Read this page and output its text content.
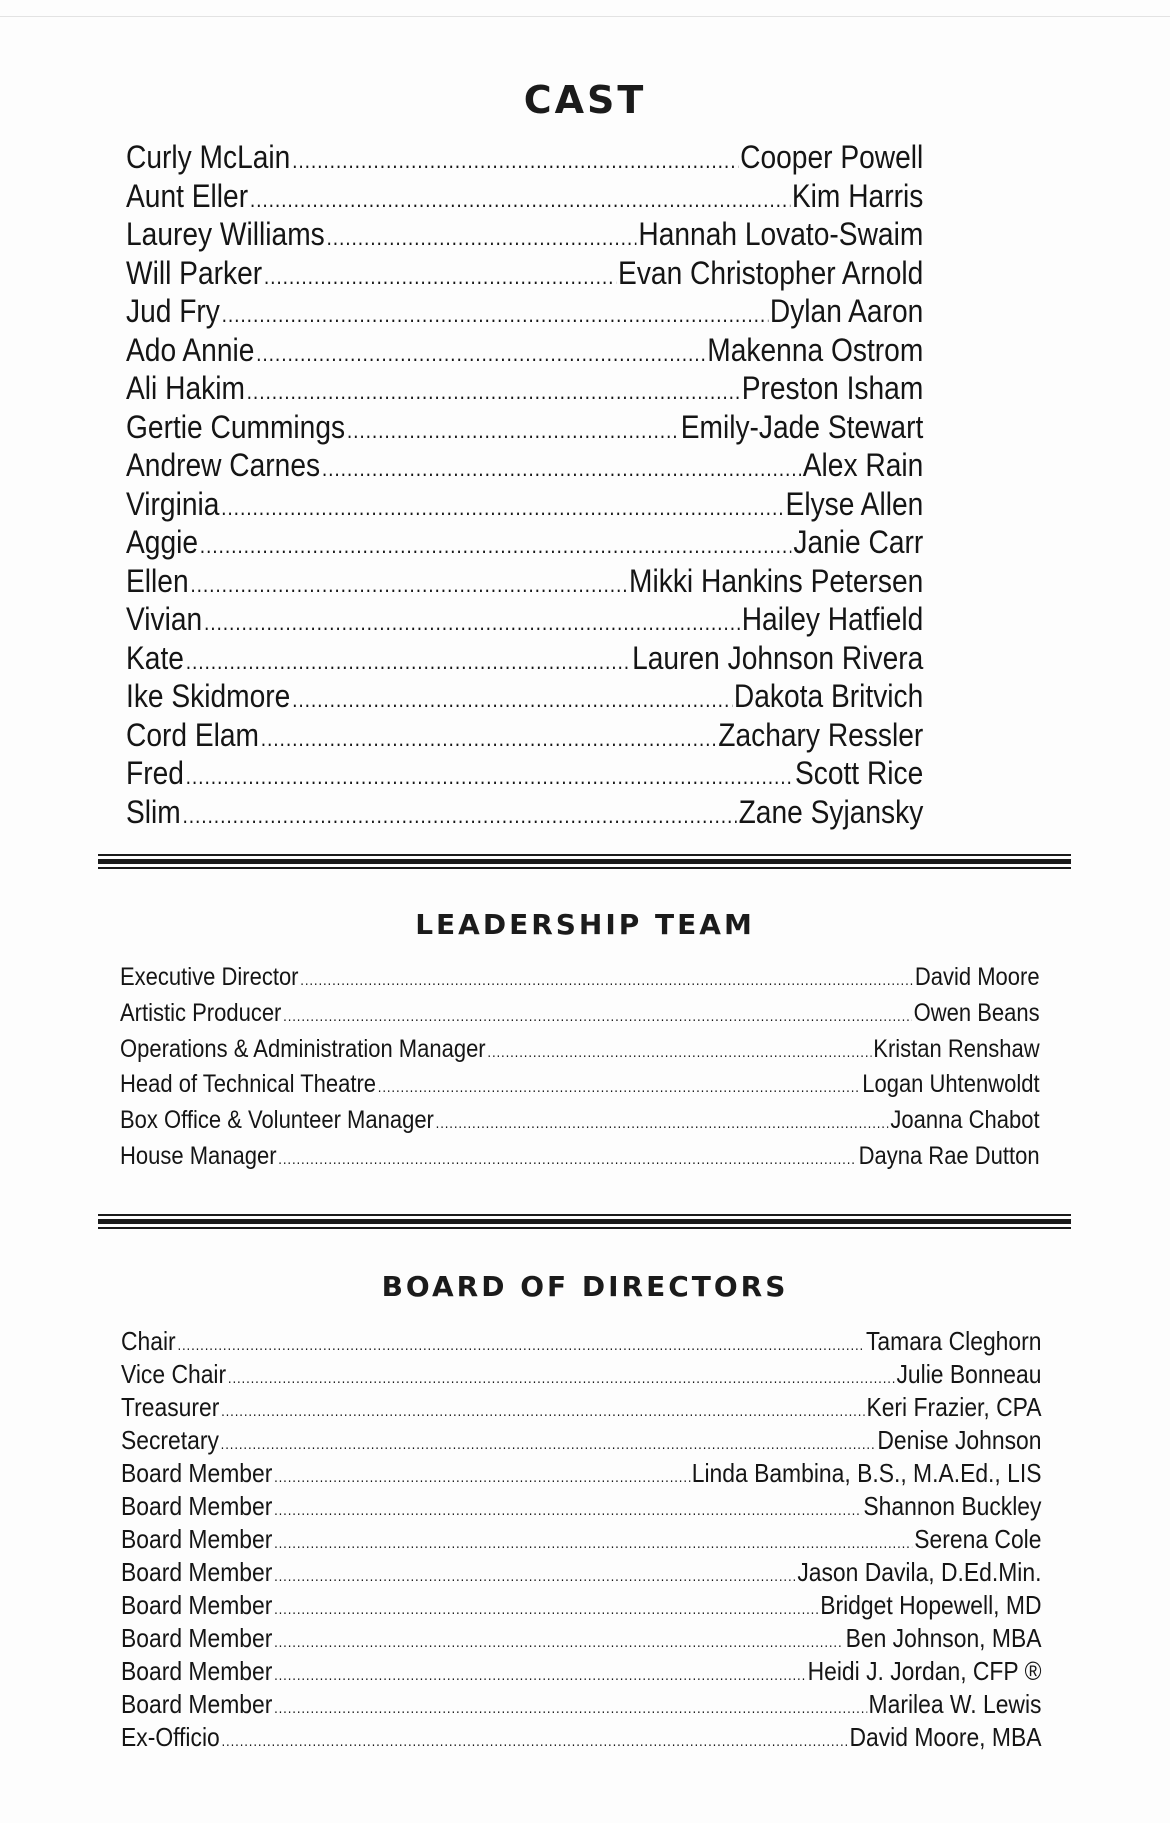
CAST
Curly McLain .....	Cooper Powell
Aunt Eller .....	Kim Harris
Laurey Williams .....	Hannah Lovato-Swaim
Will Parker .....	Evan Christopher Arnold
Jud Fry .....	Dylan Aaron
Ado Annie .....	Makenna Ostrom
Ali Hakim .....	Preston Isham
Gertie Cummings .....	Emily-Jade Stewart
Andrew Carnes .....	Alex Rain
Virginia .....	Elyse Allen
Aggie .....	Janie Carr
Ellen .....	Mikki Hankins Petersen
Vivian .....	Hailey Hatfield
Kate .....	Lauren Johnson Rivera
Ike Skidmore .....	Dakota Britvich
Cord Elam .....	Zachary Ressler
Fred .....	Scott Rice
Slim .....	Zane Syjansky
LEADERSHIP TEAM
Executive Director .....	David Moore
Artistic Producer .....	Owen Beans
Operations & Administration Manager .....	Kristan Renshaw
Head of Technical Theatre .....	Logan Uhtenwoldt
Box Office & Volunteer Manager .....	Joanna Chabot
House Manager .....	Dayna Rae Dutton
BOARD OF DIRECTORS
Chair .....	Tamara Cleghorn
Vice Chair .....	Julie Bonneau
Treasurer .....	Keri Frazier, CPA
Secretary .....	Denise Johnson
Board Member .....	Linda Bambina, B.S., M.A.Ed., LIS
Board Member .....	Shannon Buckley
Board Member .....	Serena Cole
Board Member .....	Jason Davila, D.Ed.Min.
Board Member .....	Bridget Hopewell, MD
Board Member .....	Ben Johnson, MBA
Board Member .....	Heidi J. Jordan, CFP ®
Board Member .....	Marilea W. Lewis
Ex-Officio .....	David Moore, MBA
